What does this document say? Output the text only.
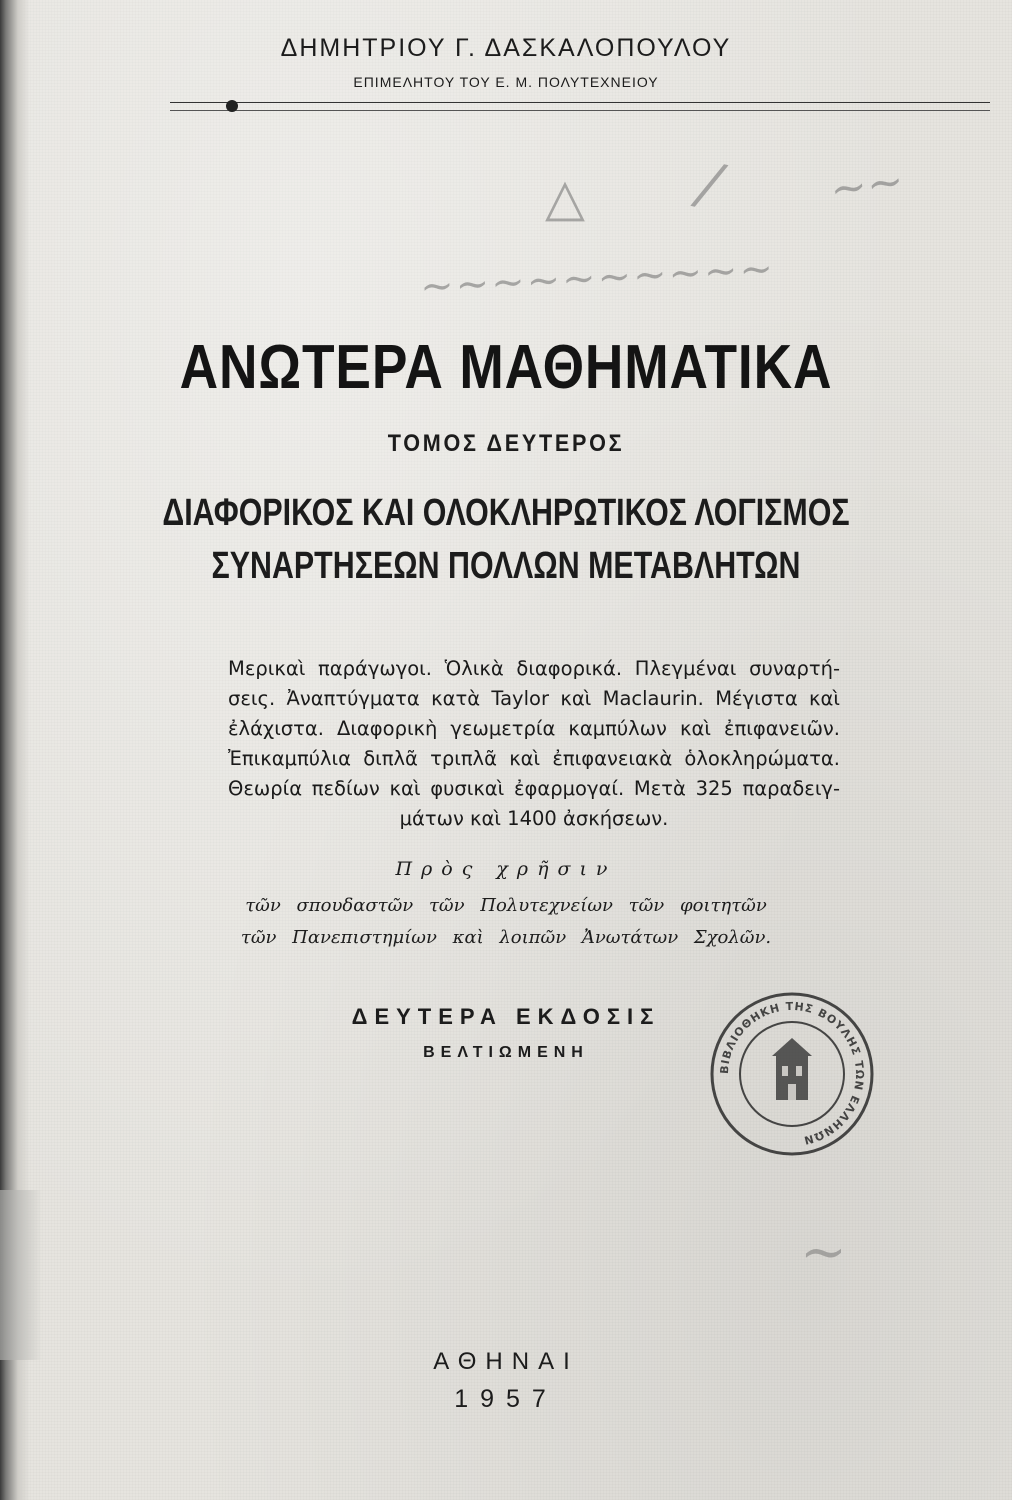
ΔΗΜΗΤΡΙΟΥ Γ. ΔΑΣΚΑΛΟΠΟΥΛΟΥ
ΕΠΙΜΕΛΗΤΟΥ ΤΟΥ Ε. Μ. ΠΟΛΥΤΕΧΝΕΙΟΥ
△ / ~~
~~~~~~~~~~
~
ΑΝΩΤΕΡΑ ΜΑΘΗΜΑΤΙΚΑ
ΤΟΜΟΣ ΔΕΥΤΕΡΟΣ
ΔΙΑΦΟΡΙΚΟΣ ΚΑΙ ΟΛΟΚΛΗΡΩΤΙΚΟΣ ΛΟΓΙΣΜΟΣ
ΣΥΝΑΡΤΗΣΕΩΝ ΠΟΛΛΩΝ ΜΕΤΑΒΛΗΤΩΝ
Μερικαὶ παράγωγοι. Ὁλικὰ διαφορικά. Πλεγμέναι συναρτή- σεις. Ἀναπτύγματα κατὰ Taylor καὶ Maclaurin. Μέγιστα καὶ ἐλάχιστα. Διαφορικὴ γεωμετρία καμπύλων καὶ ἐπιφανειῶν. Ἐπικαμπύλια διπλᾶ τριπλᾶ καὶ ἐπιφανειακὰ ὁλοκληρώματα. Θεωρία πεδίων καὶ φυσικαὶ ἐφαρμογαί. Μετὰ 325 παραδειγ- μάτων καὶ 1400 ἀσκήσεων.
Πρὸς χρῆσιν
τῶν σπουδαστῶν τῶν Πολυτεχνείων τῶν φοιτητῶν
τῶν Πανεπιστημίων καὶ λοιπῶν Ἀνωτάτων Σχολῶν.
ΔΕΥΤΕΡΑ ΕΚΔΟΣΙΣ
ΒΕΛΤΙΩΜΕΝΗ
ΒΙΒΛΙΟΘΗΚΗ ΤΗΣ ΒΟΥΛΗΣ ΤΩΝ ΕΛΛΗΝΩΝ
ΑΘΗΝΑΙ
1957
